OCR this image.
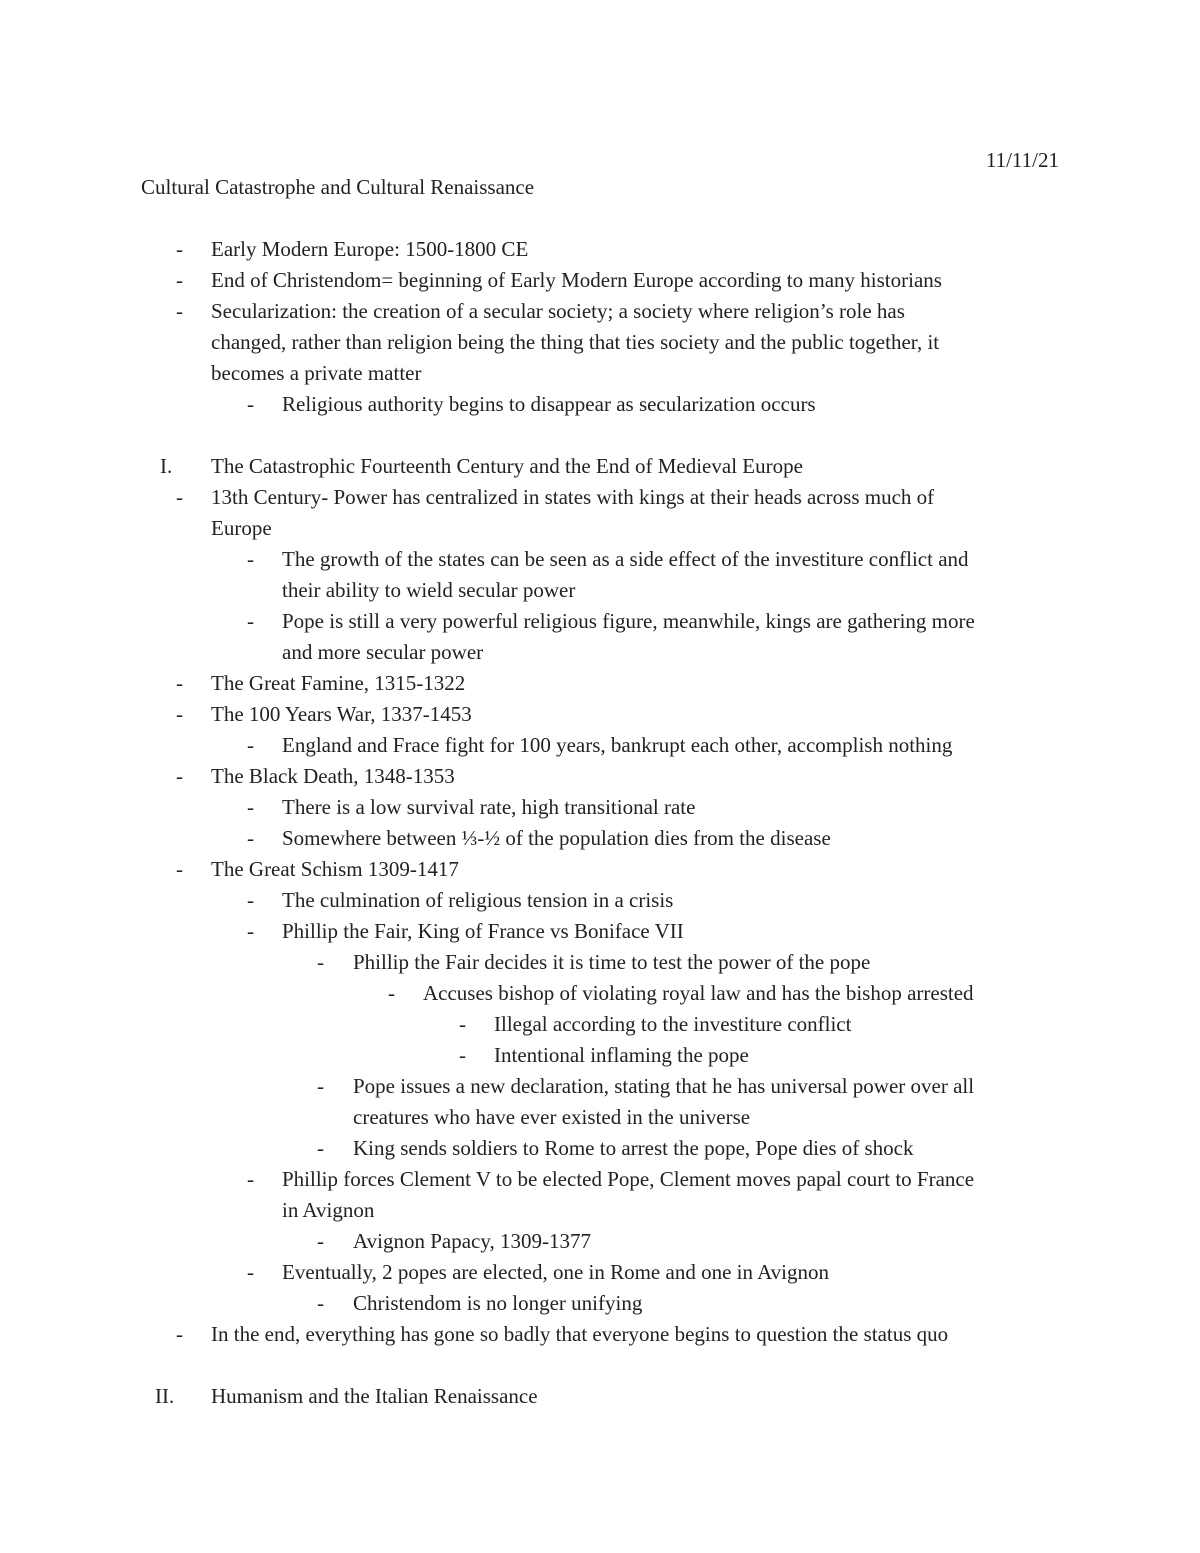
11/11/21
Cultural Catastrophe and Cultural Renaissance
- Early Modern Europe: 1500-1800 CE
- End of Christendom= beginning of Early Modern Europe according to many historians
- Secularization: the creation of a secular society; a society where religion’s role has
changed, rather than religion being the thing that ties society and the public together, it
becomes a private matter
- Religious authority begins to disappear as secularization occurs
I. The Catastrophic Fourteenth Century and the End of Medieval Europe
- 13th Century- Power has centralized in states with kings at their heads across much of
Europe
- The growth of the states can be seen as a side effect of the investiture conflict and
their ability to wield secular power
- Pope is still a very powerful religious figure, meanwhile, kings are gathering more
and more secular power
- The Great Famine, 1315-1322
- The 100 Years War, 1337-1453
- England and Frace fight for 100 years, bankrupt each other, accomplish nothing
- The Black Death, 1348-1353
- There is a low survival rate, high transitional rate
- Somewhere between ⅓-½ of the population dies from the disease
- The Great Schism 1309-1417
- The culmination of religious tension in a crisis
- Phillip the Fair, King of France vs Boniface VII
- Phillip the Fair decides it is time to test the power of the pope
- Accuses bishop of violating royal law and has the bishop arrested
- Illegal according to the investiture conflict
- Intentional inflaming the pope
- Pope issues a new declaration, stating that he has universal power over all
creatures who have ever existed in the universe
- King sends soldiers to Rome to arrest the pope, Pope dies of shock
- Phillip forces Clement V to be elected Pope, Clement moves papal court to France
in Avignon
- Avignon Papacy, 1309-1377
- Eventually, 2 popes are elected, one in Rome and one in Avignon
- Christendom is no longer unifying
- In the end, everything has gone so badly that everyone begins to question the status quo
II. Humanism and the Italian Renaissance
